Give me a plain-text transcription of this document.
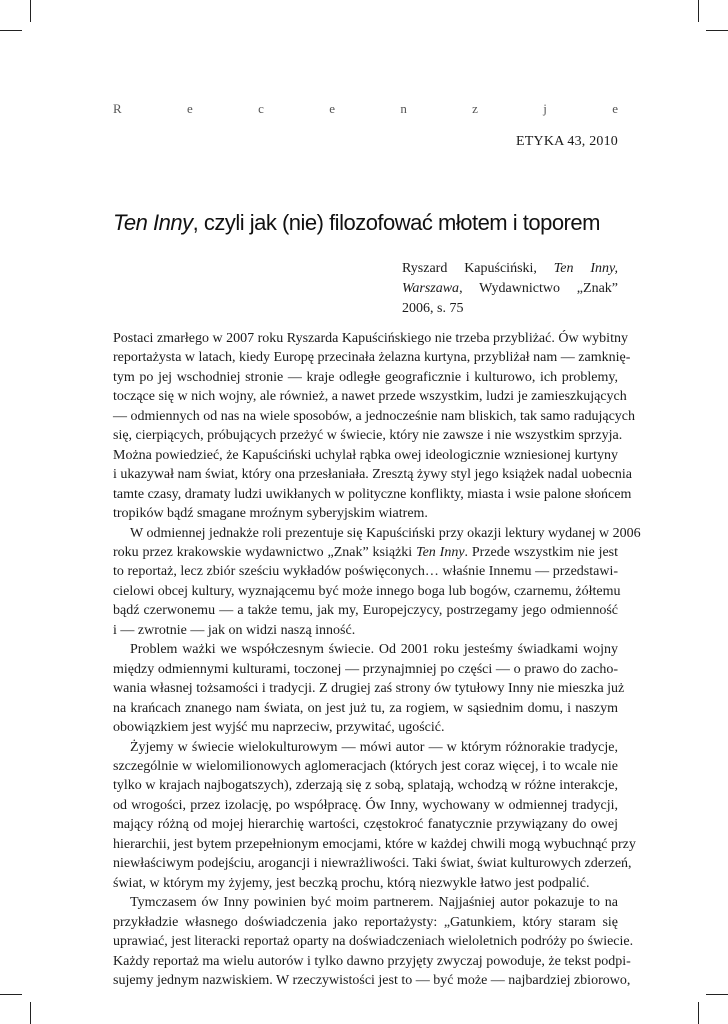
R	e	c	e	n	z	j	e
ETYKA 43, 2010
Ten Inny, czyli jak (nie) filozofować młotem i toporem
Ryszard Kapuściński, Ten Inny, Warszawa, Wydawnictwo „Znak” 2006, s. 75
Postaci zmarłego w 2007 roku Ryszarda Kapuścińskiego nie trzeba przybliżać. Ów wybitny
reportażysta w latach, kiedy Europę przecinała żelazna kurtyna, przybliżał nam — zamknię-
tym po jej wschodniej stronie — kraje odległe geograficznie i kulturowo, ich problemy,
toczące się w nich wojny, ale również, a nawet przede wszystkim, ludzi je zamieszkujących
— odmiennych od nas na wiele sposobów, a jednocześnie nam bliskich, tak samo radujących
się, cierpiących, próbujących przeżyć w świecie, który nie zawsze i nie wszystkim sprzyja.
Można powiedzieć, że Kapuściński uchylał rąbka owej ideologicznie wzniesionej kurtyny
i ukazywał nam świat, który ona przesłaniała. Zresztą żywy styl jego książek nadal uobecnia
tamte czasy, dramaty ludzi uwikłanych w polityczne konflikty, miasta i wsie palone słońcem
tropików bądź smagane mroźnym syberyjskim wiatrem.
W odmiennej jednakże roli prezentuje się Kapuściński przy okazji lektury wydanej w 2006
roku przez krakowskie wydawnictwo „Znak” książki Ten Inny. Przede wszystkim nie jest
to reportaż, lecz zbiór sześciu wykładów poświęconych… właśnie Innemu — przedstawi-
cielowi obcej kultury, wyznającemu być może innego boga lub bogów, czarnemu, żółtemu
bądź czerwonemu — a także temu, jak my, Europejczycy, postrzegamy jego odmienność
i — zwrotnie — jak on widzi naszą inność.
Problem ważki we współczesnym świecie. Od 2001 roku jesteśmy świadkami wojny
między odmiennymi kulturami, toczonej — przynajmniej po części — o prawo do zacho-
wania własnej tożsamości i tradycji. Z drugiej zaś strony ów tytułowy Inny nie mieszka już
na krańcach znanego nam świata, on jest już tu, za rogiem, w sąsiednim domu, i naszym
obowiązkiem jest wyjść mu naprzeciw, przywitać, ugościć.
Żyjemy w świecie wielokulturowym — mówi autor — w którym różnorakie tradycje,
szczególnie w wielomilionowych aglomeracjach (których jest coraz więcej, i to wcale nie
tylko w krajach najbogatszych), zderzają się z sobą, splatają, wchodzą w różne interakcje,
od wrogości, przez izolację, po współpracę. Ów Inny, wychowany w odmiennej tradycji,
mający różną od mojej hierarchię wartości, częstokroć fanatycznie przywiązany do owej
hierarchii, jest bytem przepełnionym emocjami, które w każdej chwili mogą wybuchnąć przy
niewłaściwym podejściu, arogancji i niewrażliwości. Taki świat, świat kulturowych zderzeń,
świat, w którym my żyjemy, jest beczką prochu, którą niezwykle łatwo jest podpalić.
Tymczasem ów Inny powinien być moim partnerem. Najjaśniej autor pokazuje to na
przykładzie własnego doświadczenia jako reportażysty: „Gatunkiem, który staram się
uprawiać, jest literacki reportaż oparty na doświadczeniach wieloletnich podróży po świecie.
Każdy reportaż ma wielu autorów i tylko dawno przyjęty zwyczaj powoduje, że tekst podpi-
sujemy jednym nazwiskiem. W rzeczywistości jest to — być może — najbardziej zbiorowo,
